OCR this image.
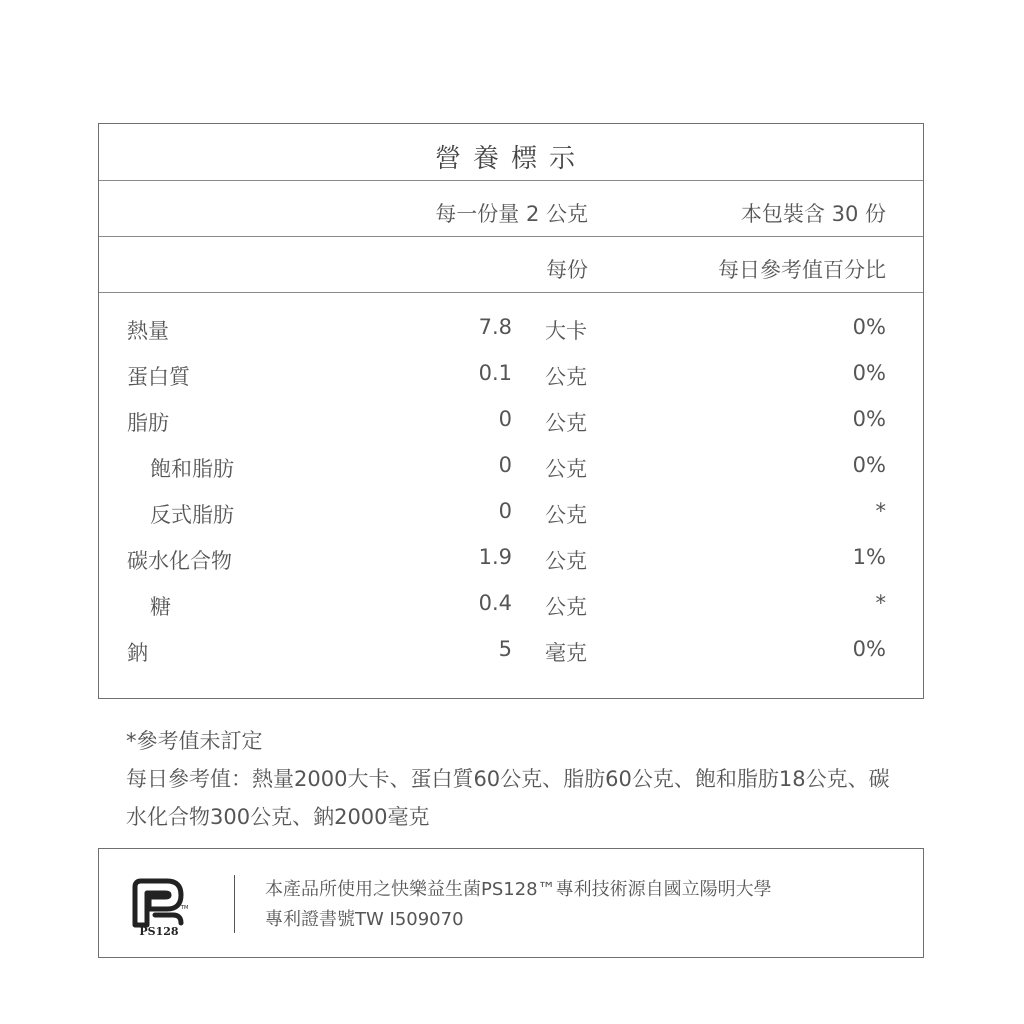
營養標示
每一份量 2 公克	本包裝含 30 份
每份	每日參考值百分比
熱量	7.8 大卡	0%
蛋白質	0.1 公克	0%
脂肪	0 公克	0%
飽和脂肪	0 公克	0%
反式脂肪	0 公克	*
碳水化合物	1.9 公克	1%
糖	0.4 公克	*
鈉	5 毫克	0%
*參考值未訂定
每日參考值：熱量2000大卡、蛋白質60公克、脂肪60公克、飽和脂肪18公克、碳
水化合物300公克、鈉2000毫克
PS128
TM
本產品所使用之快樂益生菌PS128™專利技術源自國立陽明大學
專利證書號TW I509070
